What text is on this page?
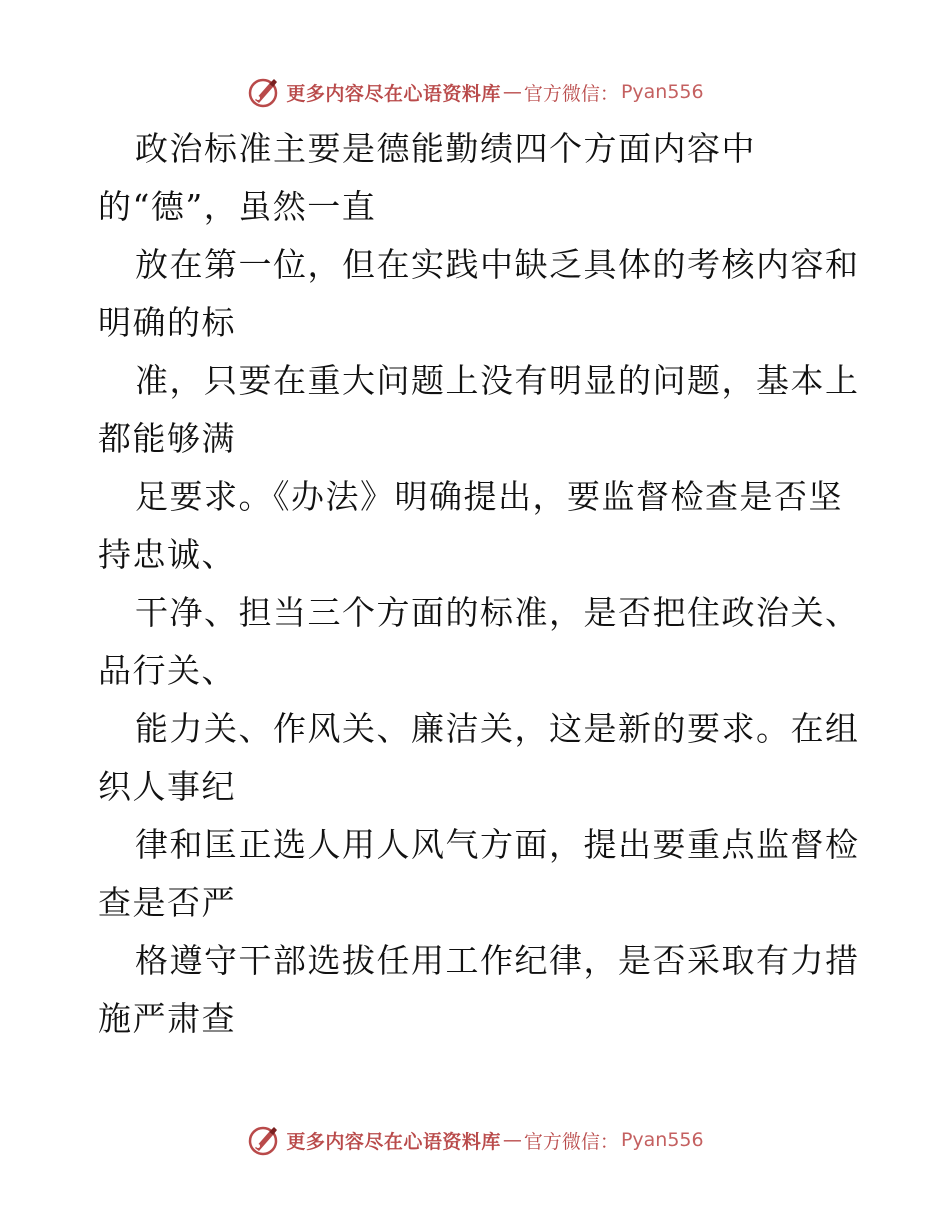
更多内容尽在心语资料库 — 官方微信： Pyan556
政治标准主要是德能勤绩四个方面内容中
的“德”，虽然一直
放在第一位，但在实践中缺乏具体的考核内容和
明确的标
准，只要在重大问题上没有明显的问题，基本上
都能够满
足要求。《办法》明确提出，要监督检查是否坚
持忠诚、
干净、担当三个方面的标准，是否把住政治关、
品行关、
能力关、作风关、廉洁关，这是新的要求。在组
织人事纪
律和匡正选人用人风气方面，提出要重点监督检
查是否严
格遵守干部选拔任用工作纪律，是否采取有力措
施严肃查
更多内容尽在心语资料库 — 官方微信： Pyan556
